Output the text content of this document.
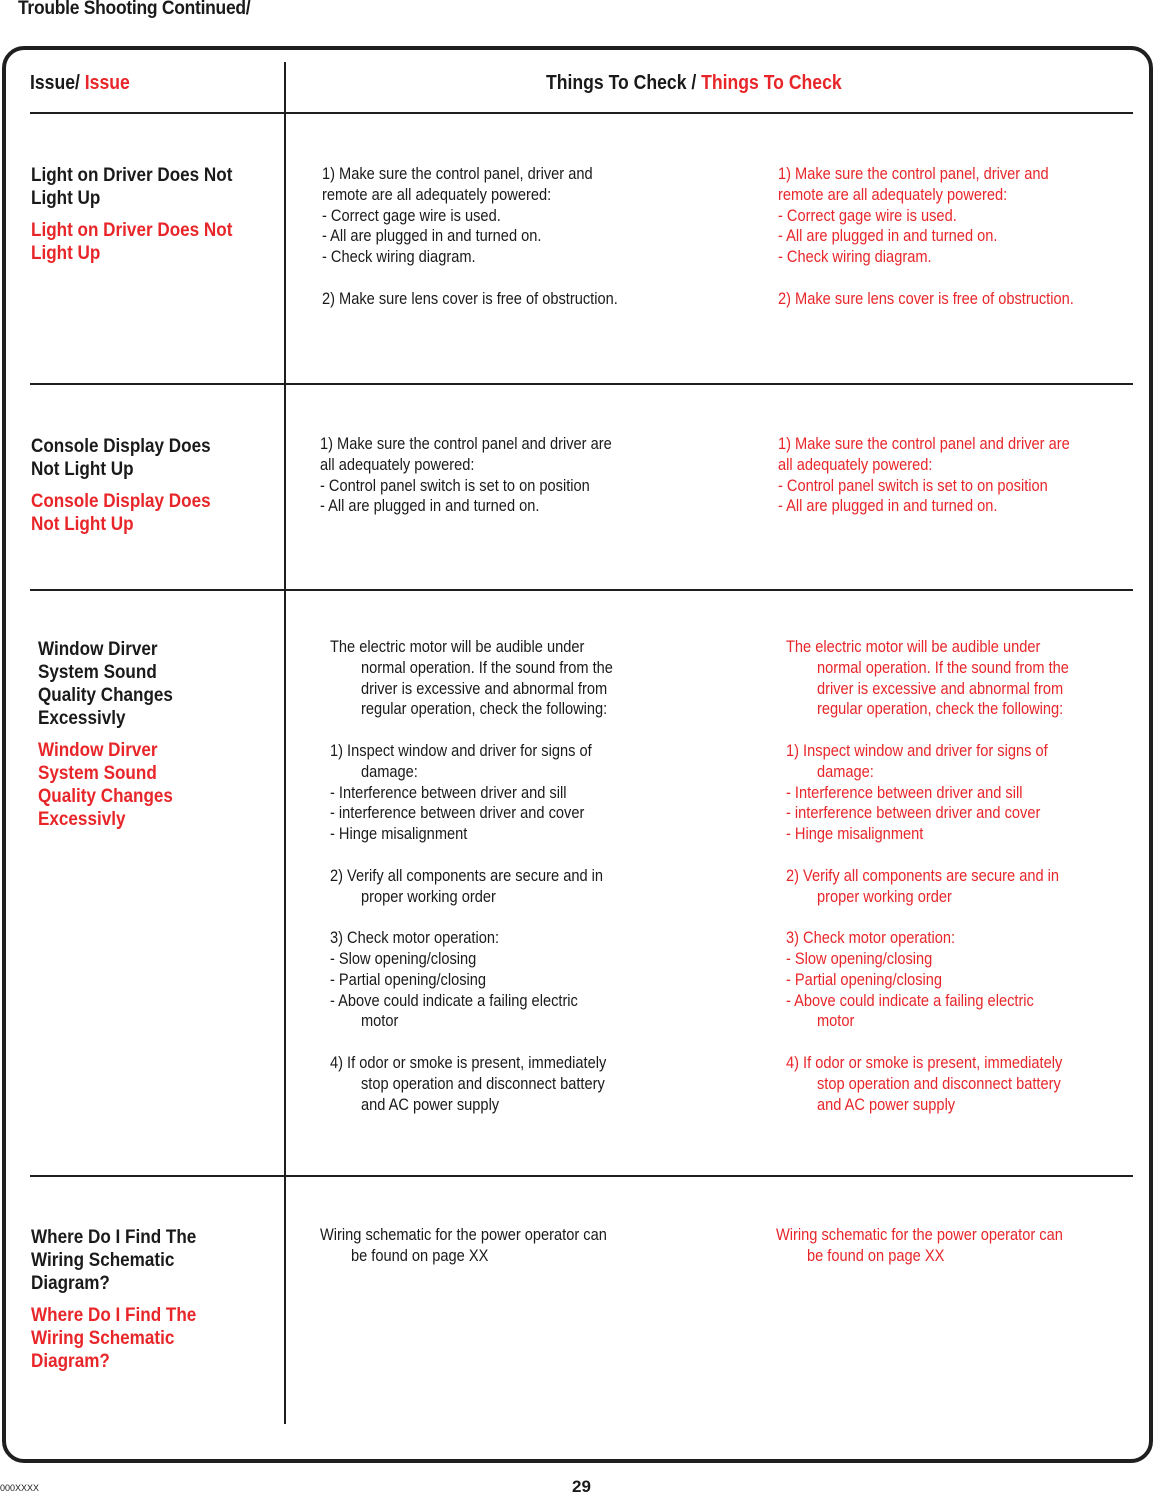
Trouble Shooting Continued/
Issue/ Issue	Things To Check / Things To Check
Light on Driver Does Not
Light Up
Light on Driver Does Not
Light Up
1) Make sure the control panel, driver and
remote are all adequately powered:
- Correct gage wire is used.
- All are plugged in and turned on.
- Check wiring diagram.
2) Make sure lens cover is free of obstruction.
1) Make sure the control panel, driver and
remote are all adequately powered:
- Correct gage wire is used.
- All are plugged in and turned on.
- Check wiring diagram.
2) Make sure lens cover is free of obstruction.
Console Display Does
Not Light Up
Console Display Does
Not Light Up
1) Make sure the control panel and driver are
all adequately powered:
- Control panel switch is set to on position
- All are plugged in and turned on.
1) Make sure the control panel and driver are
all adequately powered:
- Control panel switch is set to on position
- All are plugged in and turned on.
Window Dirver
System Sound
Quality Changes
Excessivly
Window Dirver
System Sound
Quality Changes
Excessivly
The electric motor will be audible under
normal operation. If the sound from the
driver is excessive and abnormal from
regular operation, check the following:
1) Inspect window and driver for signs of
damage:
- Interference between driver and sill
- interference between driver and cover
- Hinge misalignment
2) Verify all components are secure and in
proper working order
3) Check motor operation:
- Slow opening/closing
- Partial opening/closing
- Above could indicate a failing electric
motor
4) If odor or smoke is present, immediately
stop operation and disconnect battery
and AC power supply
The electric motor will be audible under
normal operation. If the sound from the
driver is excessive and abnormal from
regular operation, check the following:
1) Inspect window and driver for signs of
damage:
- Interference between driver and sill
- interference between driver and cover
- Hinge misalignment
2) Verify all components are secure and in
proper working order
3) Check motor operation:
- Slow opening/closing
- Partial opening/closing
- Above could indicate a failing electric
motor
4) If odor or smoke is present, immediately
stop operation and disconnect battery
and AC power supply
Where Do I Find The
Wiring Schematic
Diagram?
Where Do I Find The
Wiring Schematic
Diagram?
Wiring schematic for the power operator can
be found on page XX
Wiring schematic for the power operator can
be found on page XX
000XXXX	29
